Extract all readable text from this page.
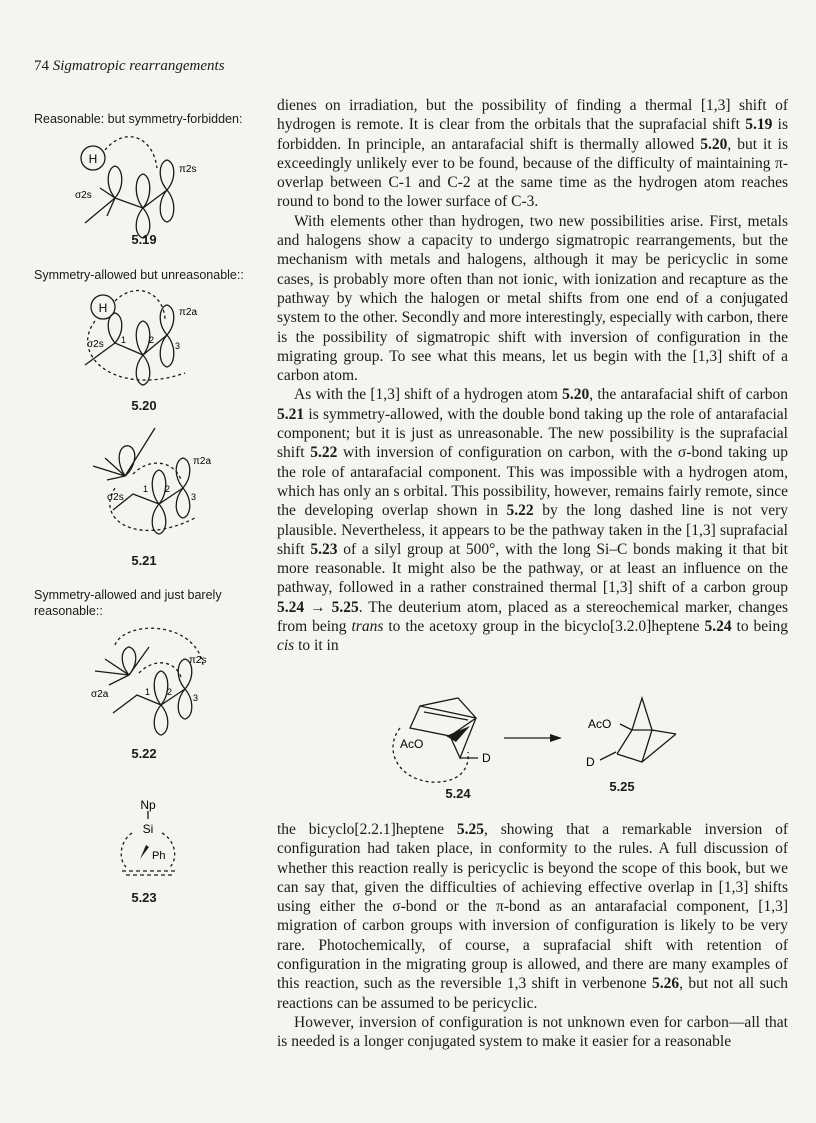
74 Sigmatropic rearrangements
Reasonable: but symmetry-forbidden:
H
σ2s
π2s
5.19
Symmetry-allowed but unreasonable::
H
σ2s
π2a
1	2
3
5.20
π2a
σ2s
1 2
3
5.21
Symmetry-allowed and just barely reasonable::
π2s
σ2a	1 2
3
5.22
Np
Si
Ph
5.23

dienes on irradiation, but the possibility of finding a thermal [1,3] shift of hydrogen is remote. It is clear from the orbitals that the suprafacial shift 5.19 is forbidden. In principle, an antarafacial shift is thermally allowed 5.20, but it is exceedingly unlikely ever to be found, because of the difficulty of maintaining π-overlap between C-1 and C-2 at the same time as the hydrogen atom reaches round to bond to the lower surface of C-3.

With elements other than hydrogen, two new possibilities arise. First, metals and halogens show a capacity to undergo sigmatropic rearrangements, but the mechanism with metals and halogens, although it may be pericyclic in some cases, is probably more often than not ionic, with ionization and recapture as the pathway by which the halogen or metal shifts from one end of a conjugated system to the other. Secondly and more interestingly, especially with carbon, there is the possibility of sigmatropic shift with inversion of configuration in the migrating group. To see what this means, let us begin with the [1,3] shift of a carbon atom.

As with the [1,3] shift of a hydrogen atom 5.20, the antarafacial shift of carbon 5.21 is symmetry-allowed, with the double bond taking up the role of antarafacial component; but it is just as unreasonable. The new possibility is the suprafacial shift 5.22 with inversion of configuration on carbon, with the σ-bond taking up the role of antarafacial component. This was impossible with a hydrogen atom, which has only an s orbital. This possibility, however, remains fairly remote, since the developing overlap shown in 5.22 by the long dashed line is not very plausible. Nevertheless, it appears to be the pathway taken in the [1,3] suprafacial shift 5.23 of a silyl group at 500°, with the long Si–C bonds making it that bit more reasonable. It might also be the pathway, or at least an influence on the pathway, followed in a rather constrained thermal [1,3] shift of a carbon group 5.24 → 5.25. The deuterium atom, placed as a stereochemical marker, changes from being trans to the acetoxy group in the bicyclo[3.2.0]heptene 5.24 to being cis to it in

AcO
D
AcO
D
5.24	5.25

the bicyclo[2.2.1]heptene 5.25, showing that a remarkable inversion of configuration had taken place, in conformity to the rules. A full discussion of whether this reaction really is pericyclic is beyond the scope of this book, but we can say that, given the difficulties of achieving effective overlap in [1,3] shifts using either the σ-bond or the π-bond as an antarafacial component, [1,3] migration of carbon groups with inversion of configuration is likely to be very rare. Photochemically, of course, a suprafacial shift with retention of configuration in the migrating group is allowed, and there are many examples of this reaction, such as the reversible 1,3 shift in verbenone 5.26, but not all such reactions can be assumed to be pericyclic.

However, inversion of configuration is not unknown even for carbon—all that is needed is a longer conjugated system to make it easier for a reasonable
